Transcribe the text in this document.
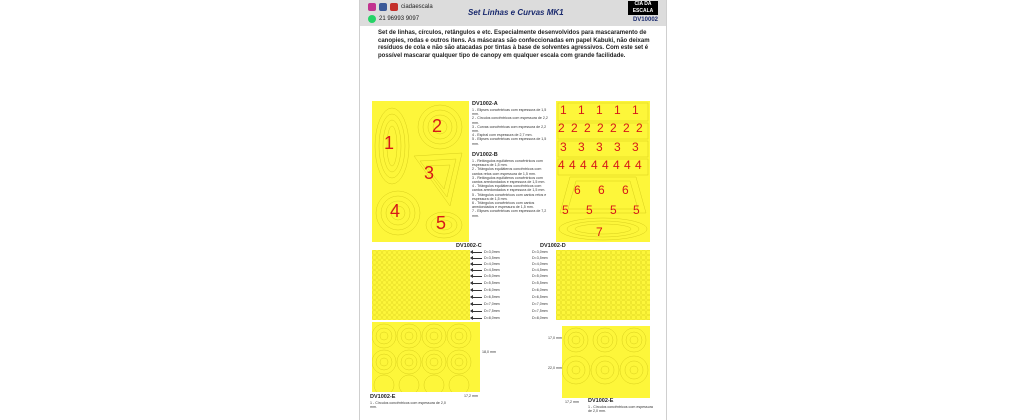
ciadaescala
21 96993 9097
Set Linhas e Curvas MK1
CIA DA
ESCALA
DV10002
Set de linhas, círculos, retângulos e etc. Especialmente desenvolvidos para mascaramento de canopies, rodas e outros itens. As máscaras são confeccionadas em papel Kabuki, não deixam resíduos de cola e não são atacadas por tintas à base de solventes agressivos. Com este set é possível mascarar qualquer tipo de canopy em qualquer escala com grande facilidade.
1
2
3
4
5
DV1002-A
1 - Elipses concêntricas com espessura de 1,5 mm.
2 - Círculos concêntricos com espessura de 2,2 mm.
3 - Curvas concêntricas com espessura de 2,2 mm.
4 - Espiral com espessura de 2,7 mm.
5 - Elipses concêntricas com espessura de 1,5 mm.
DV1002-B
1 - Retângulos equiláteros concêntricos com espessura de 1,5 mm.
2 - Triângulos equiláteros concêntricos com cantos retos com espessura de 1,5 mm.
3 - Retângulos equiláteros concêntricos com cantos arredondados e espessura de 1,5 mm.
4 - Triângulos equiláteros concêntricos com cantos arredondados e espessura de 1,5 mm.
5 - Triângulos concêntricos com cantos retos e espessura de 1,5 mm.
6 - Triângulos concêntricos com cantos arredondados e espessura de 1,5 mm.
7 - Elipses concêntricas com espessura de 7,2 mm.
1 1 1 1 1
2 2 2 2 2 2 2
3 3 3 3 3
4 4 4 4 4 4 4 4
6 6 6
5 5 5 5
7
DV1002-C
D=3,0mm
D=3,5mm
D=4,0mm
D=4,5mm
D=5,0mm
D=5,5mm
D=6,0mm
D=6,5mm
D=7,0mm
D=7,5mm
D=8,0mm
DV1002-D
D=3,0mm
D=3,5mm
D=4,0mm
D=4,5mm
D=5,0mm
D=5,5mm
D=6,0mm
D=6,5mm
D=7,0mm
D=7,5mm
D=8,0mm
18,0 mm
17,2 mm
DV1002-E
1 - Círculos concêntricos com espessura de 2,0 mm.
17,0 mm
22,0 mm
17,2 mm DV1002-E
1 - Círculos concêntricos com espessura de 2,0 mm.
